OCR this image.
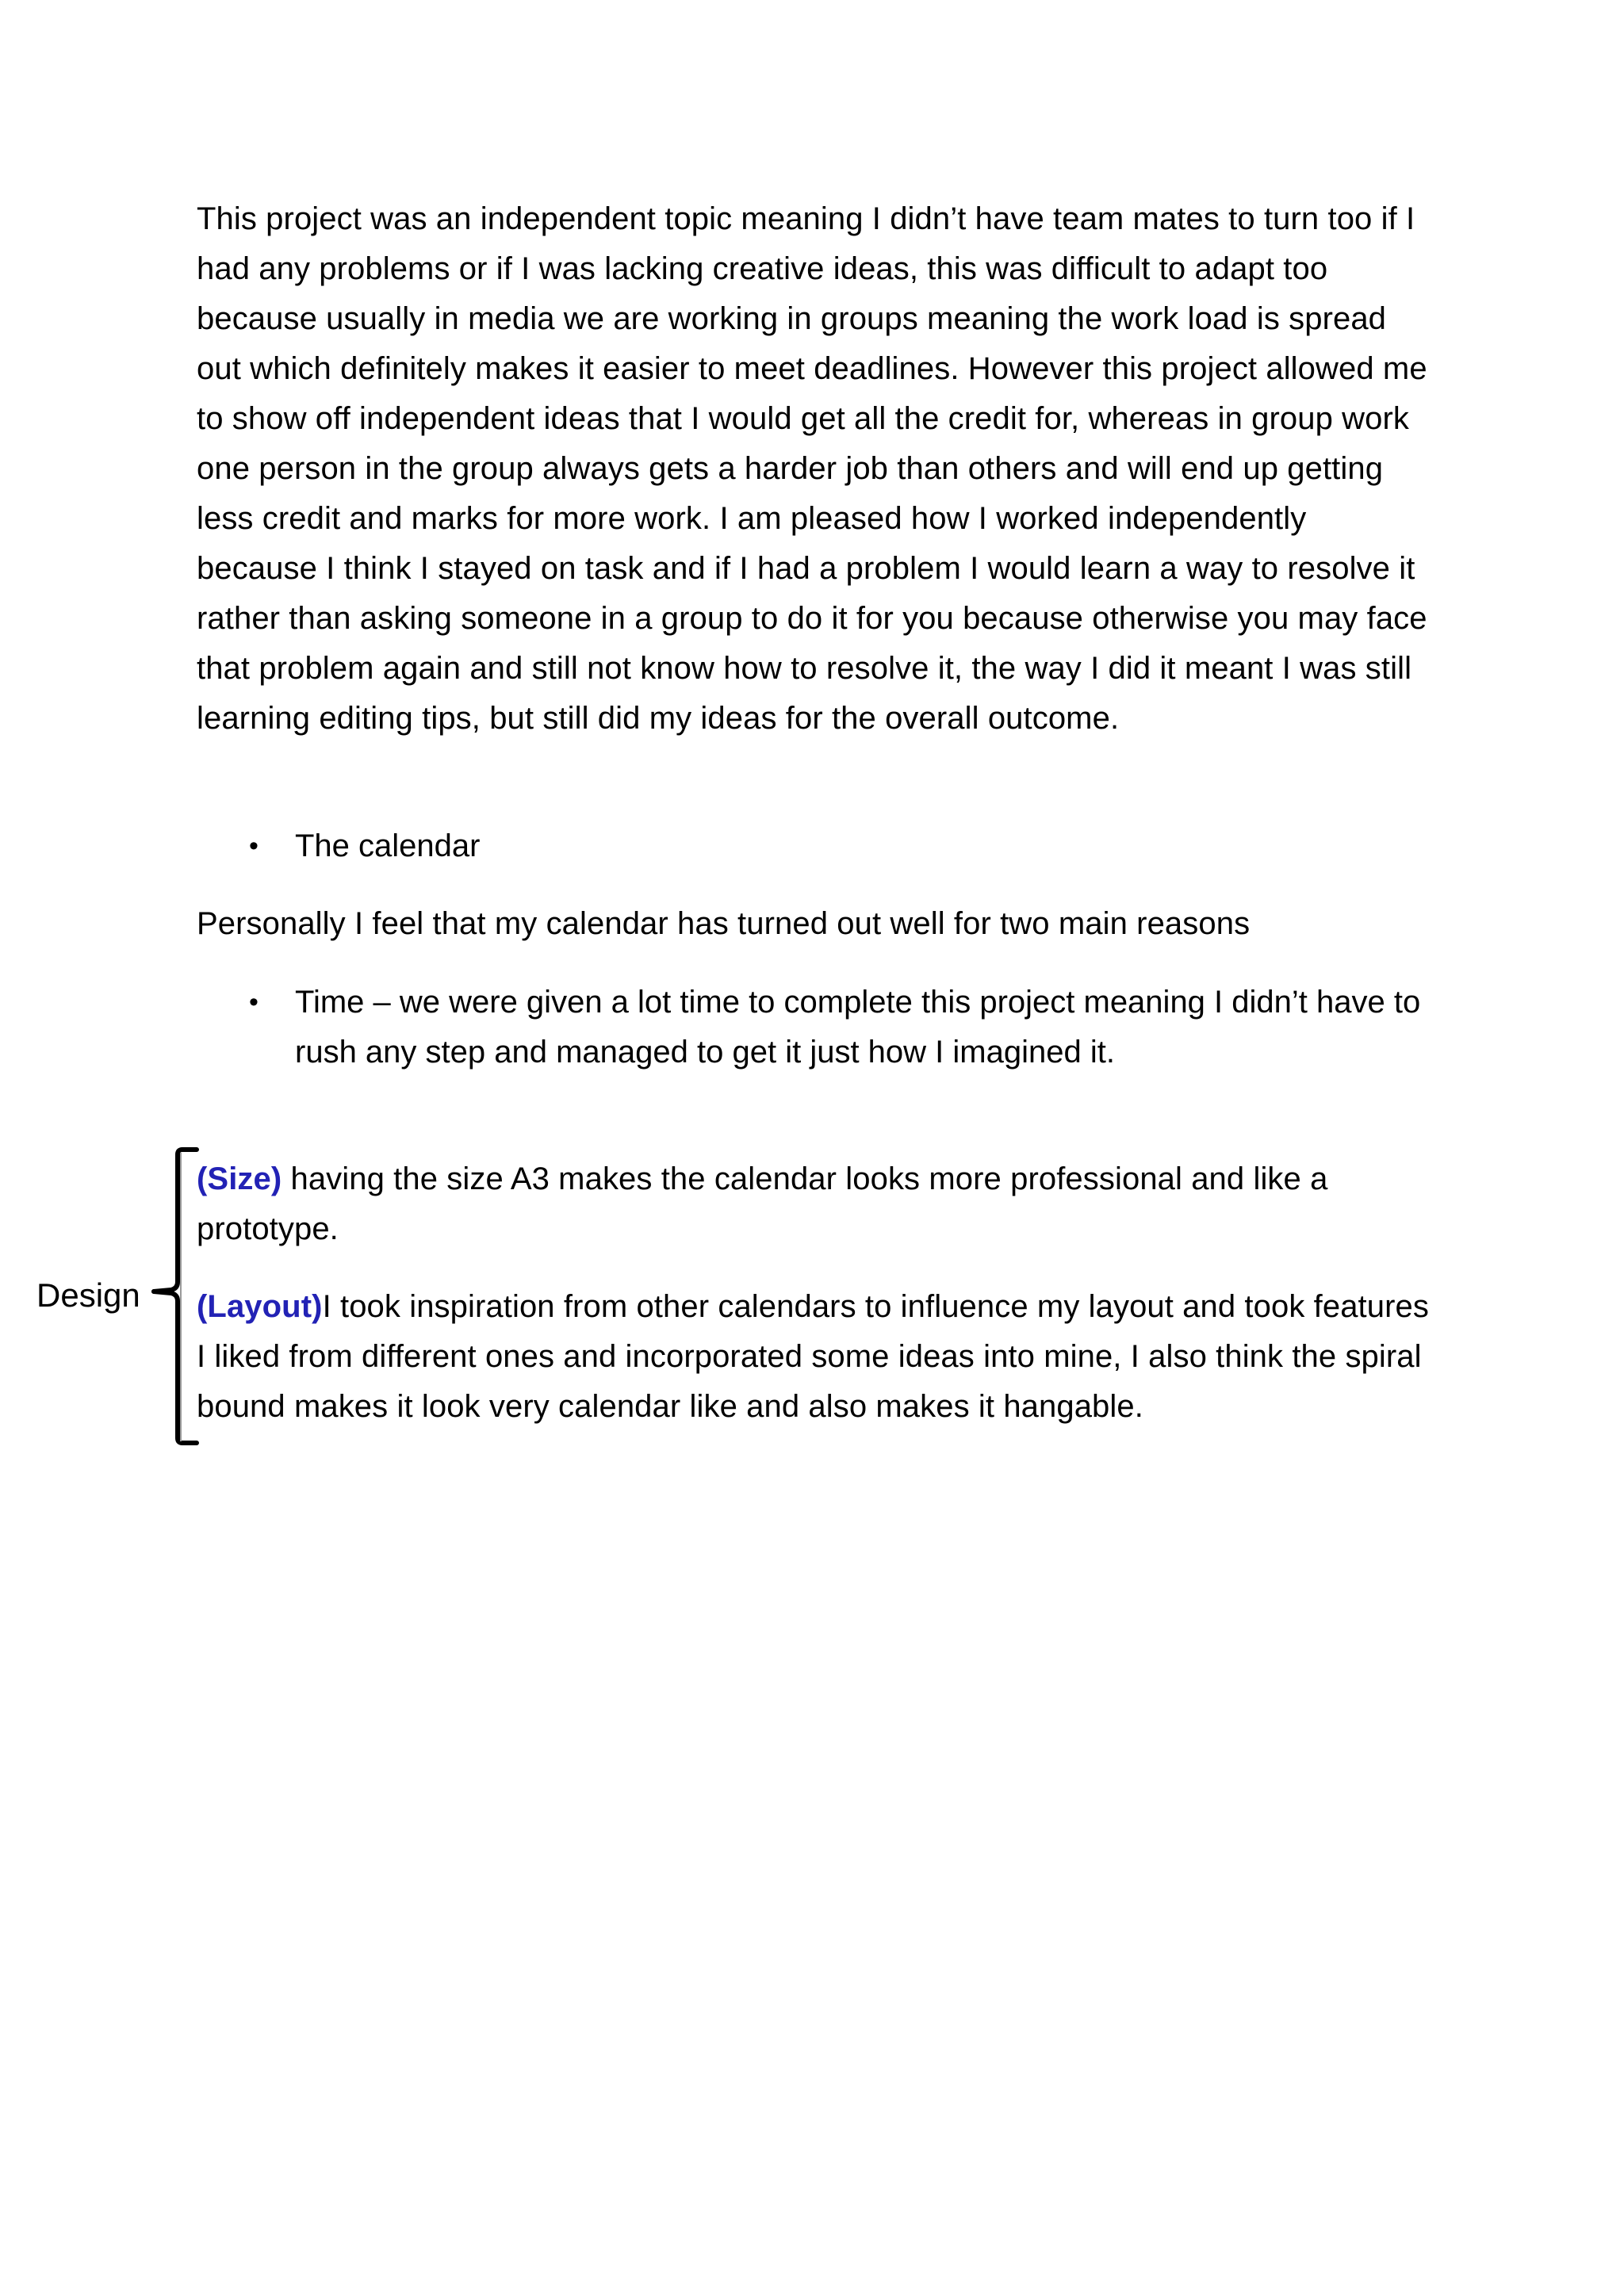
This project was an independent topic meaning I didn’t have team mates to turn too if I had any problems or if I was lacking creative ideas, this was difficult to adapt too because usually in media we are working in groups meaning the work load is spread out which definitely makes it easier to meet deadlines. However this project allowed me to show off independent ideas that I would get all the credit for, whereas in group work one person in the group always gets a harder job than others and will end up getting less credit and marks for more work. I am pleased how I worked independently because I think I stayed on task and if I had a problem I would learn a way to resolve it rather than asking someone in a group to do it for you because otherwise you may face that problem again and still not know how to resolve it, the way I did it meant I was still learning editing tips, but still did my ideas for the overall outcome.
• The calendar
Personally I feel that my calendar has turned out well for two main reasons
• Time – we were given a lot time to complete this project meaning I didn’t have to rush any step and managed to get it just how I imagined it.
Design
(Size) having the size A3 makes the calendar looks more professional and like a prototype.
(Layout)I took inspiration from other calendars to influence my layout and took features I liked from different ones and incorporated some ideas into mine, I also think the spiral bound makes it look very calendar like and also makes it hangable.
